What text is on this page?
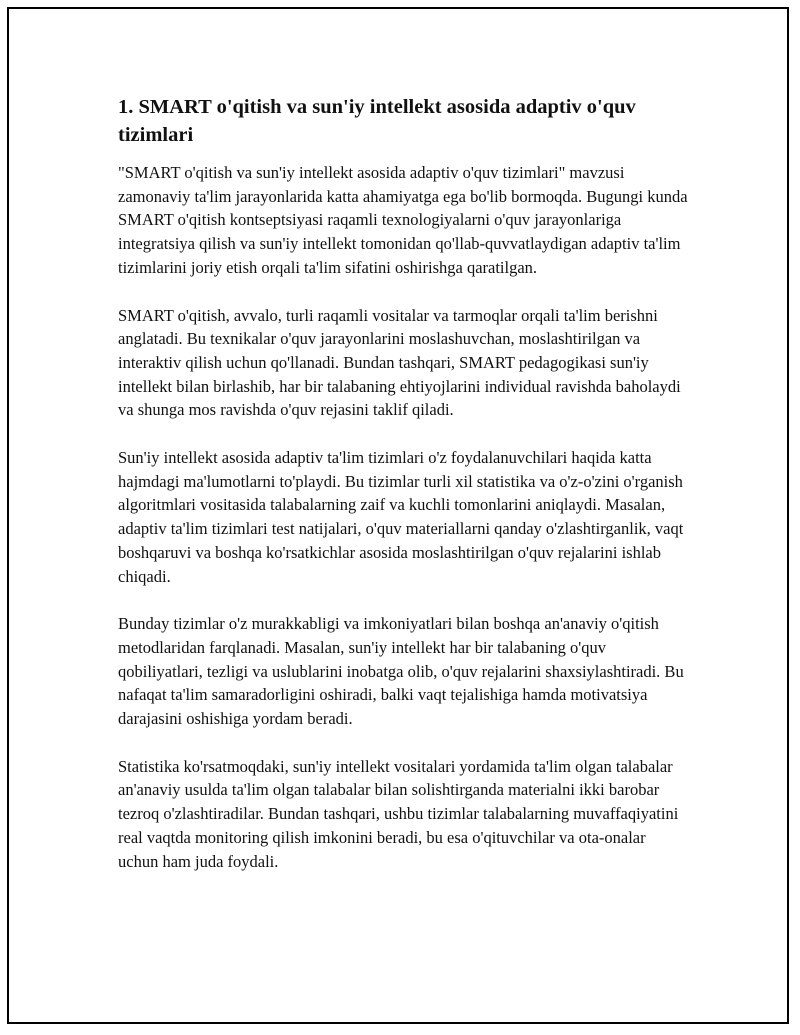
1. SMART o'qitish va sun'iy intellekt asosida adaptiv o'quv tizimlari

"SMART o'qitish va sun'iy intellekt asosida adaptiv o'quv tizimlari" mavzusi zamonaviy ta'lim jarayonlarida katta ahamiyatga ega bo'lib bormoqda. Bugungi kunda SMART o'qitish kontseptsiyasi raqamli texnologiyalarni o'quv jarayonlariga integratsiya qilish va sun'iy intellekt tomonidan qo'llab-quvvatlaydigan adaptiv ta'lim tizimlarini joriy etish orqali ta'lim sifatini oshirishga qaratilgan.

SMART o'qitish, avvalo, turli raqamli vositalar va tarmoqlar orqali ta'lim berishni anglatadi. Bu texnikalar o'quv jarayonlarini moslashuvchan, moslashtirilgan va interaktiv qilish uchun qo'llanadi. Bundan tashqari, SMART pedagogikasi sun'iy intellekt bilan birlashib, har bir talabaning ehtiyojlarini individual ravishda baholaydi va shunga mos ravishda o'quv rejasini taklif qiladi.

Sun'iy intellekt asosida adaptiv ta'lim tizimlari o'z foydalanuvchilari haqida katta hajmdagi ma'lumotlarni to'playdi. Bu tizimlar turli xil statistika va o'z-o'zini o'rganish algoritmlari vositasida talabalarning zaif va kuchli tomonlarini aniqlaydi. Masalan, adaptiv ta'lim tizimlari test natijalari, o'quv materiallarni qanday o'zlashtirganlik, vaqt boshqaruvi va boshqa ko'rsatkichlar asosida moslashtirilgan o'quv rejalarini ishlab chiqadi.

Bunday tizimlar o'z murakkabligi va imkoniyatlari bilan boshqa an'anaviy o'qitish metodlaridan farqlanadi. Masalan, sun'iy intellekt har bir talabaning o'quv qobiliyatlari, tezligi va uslublarini inobatga olib, o'quv rejalarini shaxsiylashtiradi. Bu nafaqat ta'lim samaradorligini oshiradi, balki vaqt tejalishiga hamda motivatsiya darajasini oshishiga yordam beradi.

Statistika ko'rsatmoqdaki, sun'iy intellekt vositalari yordamida ta'lim olgan talabalar an'anaviy usulda ta'lim olgan talabalar bilan solishtirganda materialni ikki barobar tezroq o'zlashtiradilar. Bundan tashqari, ushbu tizimlar talabalarning muvaffaqiyatini real vaqtda monitoring qilish imkonini beradi, bu esa o'qituvchilar va ota-onalar uchun ham juda foydali.
